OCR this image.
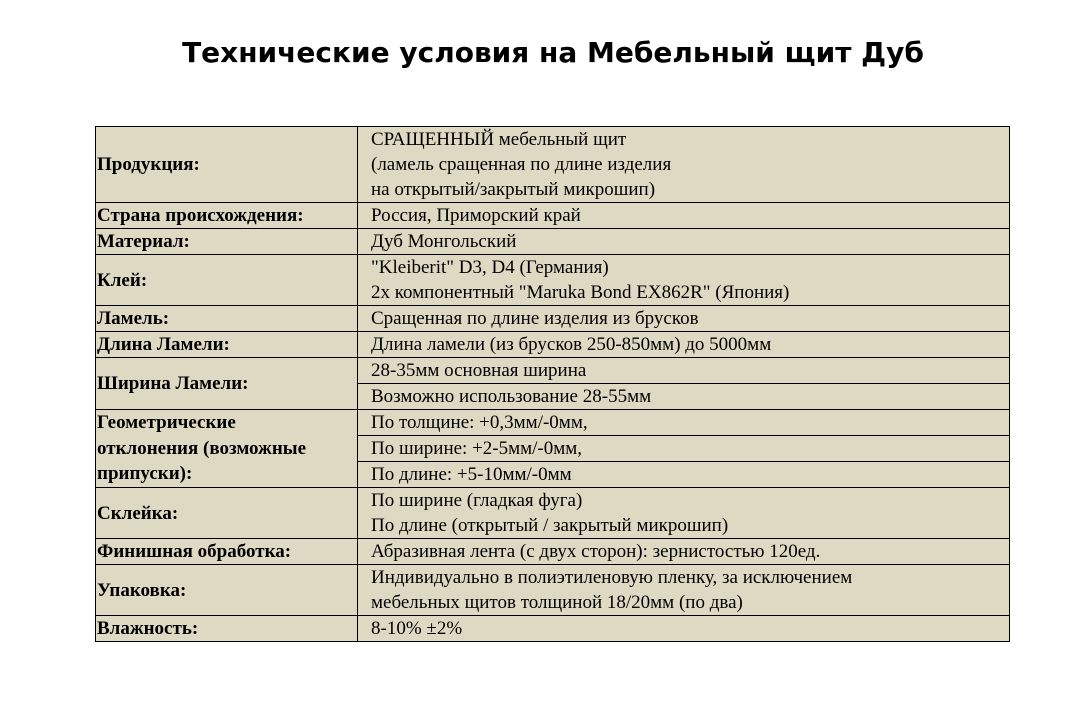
Технические условия на Мебельный щит Дуб
Продукция:	СРАЩЕННЫЙ мебельный щит
(ламель сращенная по длине изделия
на открытый/закрытый микрошип)

Страна происхождения:	Россия, Приморский край
Материал:	Дуб Монгольский
Клей:	"Kleiberit" D3, D4 (Германия)
2х компонентный "Maruka Bond EX862R" (Япония)

Ламель:	Сращенная по длине изделия из брусков
Длина Ламели:	Длина ламели (из брусков 250-850мм) до 5000мм
Ширина Ламели:	28-35мм основная ширина
	Возможно использование 28-55мм

Геометрические
отклонения (возможные
припуски):	По толщине: +0,3мм/-0мм,
	По ширине: +2-5мм/-0мм,
	По длине: +5-10мм/-0мм
Склейка:	По ширине (гладкая фуга)
По длине (открытый / закрытый микрошип)

Финишная обработка:	Абразивная лента (с двух сторон): зернистостью 120ед.
Упаковка:	Индивидуально в полиэтиленовую пленку, за исключением
мебельных щитов толщиной 18/20мм (по два)

Влажность:	8-10% ±2%
